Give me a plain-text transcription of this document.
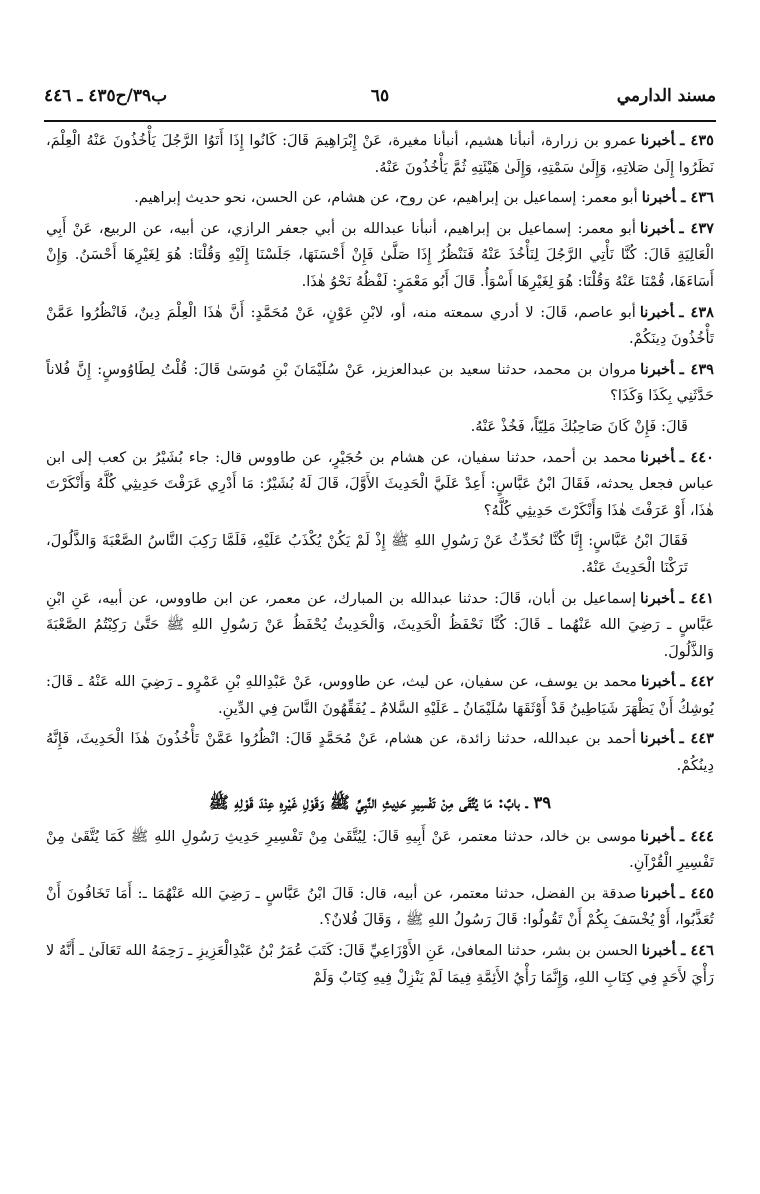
مسند الدارمي
٦٥
ب٣٩/ح٤٣٥ ـ ٤٤٦

٤٣٥ ـأخبرناعمرو بن زرارة، أنبأنا هشيم، أنبأنا مغيرة، عَنْ إِبْرَاهِيمَ قَالَ: كَانُوا إِذَا أَتَوُا الرَّجُلَ يَأْخُذُونَ عَنْهُ الْعِلْمَ، نَظَرُوا إِلَىٰ صَلاتِهِ، وَإِلَىٰ سَمْتِهِ، وَإِلَىٰ هَيْئَتِهِ ثُمَّ يَأْخُذُونَ عَنْهُ.

٤٣٦ ـأخبرناأبو معمر: إسماعيل بن إبراهيم، عن روح، عن هشام، عن الحسن، نحو حديث إبراهيم.

٤٣٧ ـأخبرناأبو معمر: إسماعيل بن إبراهيم، أنبأنا عبدالله بن أبي جعفر الرازي، عن أبيه، عن الربيع، عَنْ أَبِي الْعَالِيَةِ قَالَ: كُنَّا نَأْتِي الرَّجُلَ لِنَأْخُذَ عَنْهُ فَنَنْظُرُ إِذَا صَلَّىٰ فَإِنْ أَحْسَنَهَا، جَلَسْنَا إِلَيْهِ وَقُلْنَا: هُوَ لِغَيْرِهَا أَحْسَنُ. وَإِنْ أَسَاءَهَا، قُمْنَا عَنْهُ وَقُلْنَا: هُوَ لِغَيْرِهَا أَسْوَأُ. قَالَ أَبُو مَعْمَرٍ: لَفْظُهُ نَحْوُ هٰذَا.

٤٣٨ ـأخبرناأبو عاصم، قَالَ: لا أدري سمعته منه، أو، لابْنِ عَوْنٍ، عَنْ مُحَمَّدٍ: أَنَّ هٰذَا الْعِلْمَ دِينٌ، فَانْظُرُوا عَمَّنْ تَأْخُذُونَ دِينَكُمْ.

٤٣٩ ـأخبرنامروان بن محمد، حدثنا سعيد بن عبدالعزيز، عَنْ سُلَيْمَانَ بْنِ مُوسَىٰ قَالَ: قُلْتُ لِطَاوُوسٍ: إِنَّ فُلاناً حَدَّثَنِي بِكَذَا وَكَذَا؟

قَالَ: فَإِنْ كَانَ صَاحِبُكَ مَلِيّاً، فَخُذْ عَنْهُ.

٤٤٠ ـأخبرنامحمد بن أحمد، حدثنا سفيان، عن هشام بن حُجَيْرٍ، عن طاووس قال: جاء بُشَيْرُ بن كعب إلى ابن عباس فجعل يحدثه، فَقَالَ ابْنُ عَبَّاسٍ: أَعِدْ عَلَيَّ الْحَدِيثَ الأَوَّلَ، قَالَ لَهُ بُشَيْرٌ: مَا أَدْرِي عَرَفْتَ حَدِيثِي كُلَّهُ وَأَنْكَرْتَ هٰذَا، أَوْ عَرَفْتَ هٰذَا وَأَنْكَرْتَ حَدِيثِي كُلَّهُ؟

فَقَالَ ابْنُ عَبَّاسٍ: إِنَّا كُنَّا نُحَدِّثُ عَنْ رَسُولِ اللهِ ﷺ إِذْ لَمْ يَكُنْ يُكْذَبُ عَلَيْهِ، فَلَمَّا رَكِبَ النَّاسُ الصَّعْبَةَ وَالذَّلُولَ، تَرَكْنَا الْحَدِيثَ عَنْهُ.

٤٤١ ـأخبرناإسماعيل بن أبان، قَالَ: حدثنا عبدالله بن المبارك، عن معمر، عن ابن طاووس، عن أبيه، عَنِ ابْنِ عَبَّاسٍ ـ رَضِيَ الله عَنْهُما ـ قَالَ: كُنَّا نَحْفَظُ الْحَدِيثَ، وَالْحَدِيثُ يُحْفَظُ عَنْ رَسُولِ اللهِ ﷺ حَتَّىٰ رَكِبْتُمُ الصَّعْبَةَ وَالذَّلُولَ.

٤٤٢ ـأخبرنامحمد بن يوسف، عن سفيان، عن ليث، عن طاووس، عَنْ عَبْدِاللهِ بْنِ عَمْرٍو ـ رَضِيَ الله عَنْهُ ـ قَالَ: يُوشِكُ أَنْ يَظْهَرَ شَيَاطِينُ قَدْ أَوْثَقَهَا سُلَيْمَانُ ـ عَلَيْهِ السَّلامُ ـ يُفَقِّهُونَ النَّاسَ فِي الدِّينِ.

٤٤٣ ـأخبرناأحمد بن عبدالله، حدثنا زائدة، عن هشام، عَنْ مُحَمَّدٍ قَالَ: انْظُرُوا عَمَّنْ تَأْخُذُونَ هٰذَا الْحَدِيثَ، فَإِنَّهُ دِينُكُمْ.

٣٩ ـ بابٌ: مَا يُتَّقَى مِنْ تَفْسِيرِ حَدِيثِ النَّبِيِّ ﷺ وَقَوْلِ غَيْرِهِ عِنْدَ قَوْلِهِ ﷺ

٤٤٤ ـأخبرناموسى بن خالد، حدثنا معتمر، عَنْ أَبِيهِ قَالَ: لِيُتَّقَىٰ مِنْ تَفْسِيرِ حَدِيثِ رَسُولِ اللهِ ﷺ كَمَا يُتَّقَىٰ مِنْ تَفْسِيرِ الْقُرْآنِ.

٤٤٥ ـأخبرناصدقة بن الفضل، حدثنا معتمر، عن أبيه، قال: قَالَ ابْنُ عَبَّاسٍ ـ رَضِيَ الله عَنْهُمَا ـ: أَمَا تَخَافُونَ أَنْ تُعَذَّبُوا، أَوْ يُخْسَفَ بِكُمْ أَنْ تَقُولُوا: قَالَ رَسُولُ اللهِ ﷺ ، وَقَالَ فُلانٌ؟.

٤٤٦ ـأخبرناالحسن بن بشر، حدثنا المعافىٰ، عَنِ الأَوْزَاعِيِّ قَالَ: كَتَبَ عُمَرُ بْنُ عَبْدِالْعَزِيزِ ـ رَحِمَهُ الله تَعَالَىٰ ـ أَنَّهُ لا رَأْيَ لأَحَدٍ فِي كِتَابِ اللهِ، وَإِنَّمَا رَأْيُ الأَئِمَّةِ فِيمَا لَمْ يَنْزِلْ فِيهِ كِتَابٌ وَلَمْ
